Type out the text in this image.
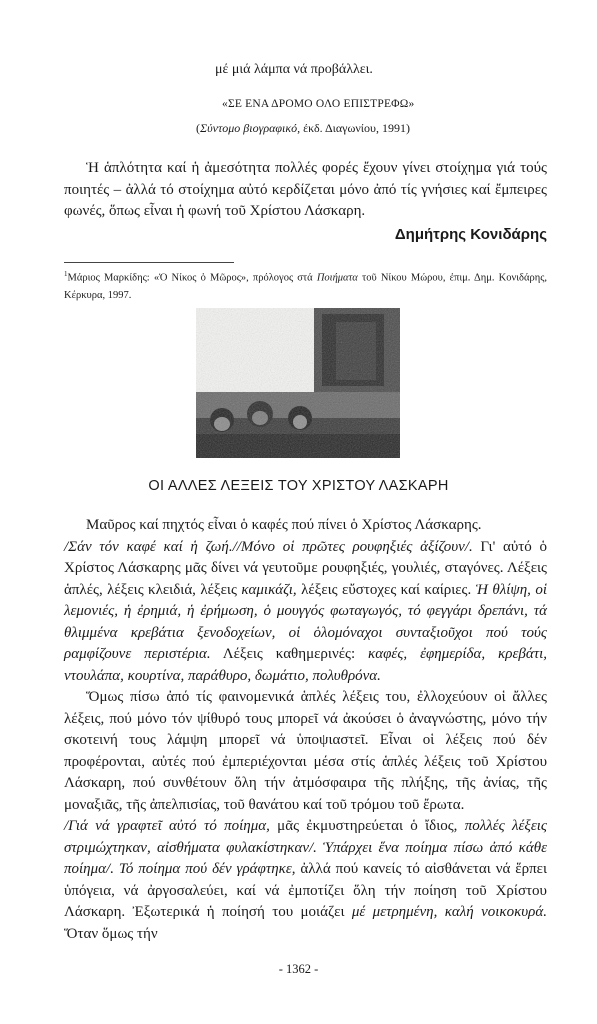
μέ μιά λάμπα νά προβάλλει.

«ΣΕ ΕΝΑ ΔΡΟΜΟ ΟΛΟ ΕΠΙΣΤΡΕΦΩ»

(Σύντομο βιογραφικό, έκδ. Διαγωνίου, 1991)

Ἡ ἁπλότητα καί ἡ ἀμεσότητα πολλές φορές ἔχουν γίνει στοίχημα γιά τούς ποιητές – ἀλλά τό στοίχημα αὐτό κερδίζεται μόνο ἀπό τίς γνήσιες καί ἔμπειρες φωνές, ὅπως εἶναι ἡ φωνή τοῦ Χρίστου Λάσκαρη.

Δημήτρης Κονιδάρης

$^1$Μάριος Μαρκίδης: «Ὁ Νίκος ὁ Μῶρος», πρόλογος στά Ποιήματα τοῦ Νίκου Μώρου, ἐπιμ. Δημ. Κονιδάρης, Κέρκυρα, 1997.

ΟΙ ΑΛΛΕΣ ΛΕΞΕΙΣ ΤΟΥ ΧΡΙΣΤΟΥ ΛΑΣΚΑΡΗ

Μαῦρος καί πηχτός εἶναι ὁ καφές πού πίνει ὁ Χρίστος Λάσκαρης.
/Σάν τόν καφέ καί ἡ ζωή.//Μόνο οἱ πρῶτες ρουφηξιές ἀξίζουν/. Γι' αὐτό ὁ Χρίστος Λάσκαρης μᾶς δίνει νά γευτοῦμε ρουφηξιές, γουλιές, σταγόνες. Λέξεις ἁπλές, λέξεις κλειδιά, λέξεις καμικάζι, λέξεις εὔστοχες καί καίριες. Ἡ θλίψη, οἱ λεμονιές, ἡ ἐρημιά, ἡ ἐρήμωση, ὁ μουγγός φωταγωγός, τό φεγγάρι δρεπάνι, τά θλιμμένα κρεβάτια ξενοδοχείων, οἱ ὁλομόναχοι συνταξιοῦχοι πού τούς ραμφίζουνε περιστέρια. Λέξεις καθημερινές: καφές, ἐφημερίδα, κρεβάτι, ντουλάπα, κουρτίνα, παράθυρο, δωμάτιο, πολυθρόνα.

Ὅμως πίσω ἀπό τίς φαινομενικά ἁπλές λέξεις του, ἐλλοχεύουν οἱ ἄλλες λέξεις, πού μόνο τόν ψίθυρό τους μπορεῖ νά ἀκούσει ὁ ἀναγνώστης, μόνο τήν σκοτεινή τους λάμψη μπορεῖ νά ὑποψιαστεῖ. Εἶναι οἱ λέξεις πού δέν προφέρονται, αὐτές πού ἐμπεριέχονται μέσα στίς ἁπλές λέξεις τοῦ Χρίστου Λάσκαρη, πού συνθέτουν ὅλη τήν ἀτμόσφαιρα τῆς πλήξης, τῆς ἀνίας, τῆς μοναξιᾶς, τῆς ἀπελπισίας, τοῦ θανάτου καί τοῦ τρόμου τοῦ ἔρωτα.

/Γιά νά γραφτεῖ αὐτό τό ποίημα, μᾶς ἐκμυστηρεύεται ὁ ἴδιος, πολλές λέξεις στριμώχτηκαν, αἰσθήματα φυλακίστηκαν/. Ὑπάρχει ἕνα ποίημα πίσω ἀπό κάθε ποίημα/. Τό ποίημα πού δέν γράφτηκε, ἀλλά πού κανείς τό αἰσθάνεται νά ἕρπει ὑπόγεια, νά ἀργοσαλεύει, καί νά ἐμποτίζει ὅλη τήν ποίηση τοῦ Χρίστου Λάσκαρη. Ἐξωτερικά ἡ ποίησή του μοιάζει μέ μετρημένη, καλή νοικοκυρά. Ὅταν ὅμως τήν

- 1362 -
